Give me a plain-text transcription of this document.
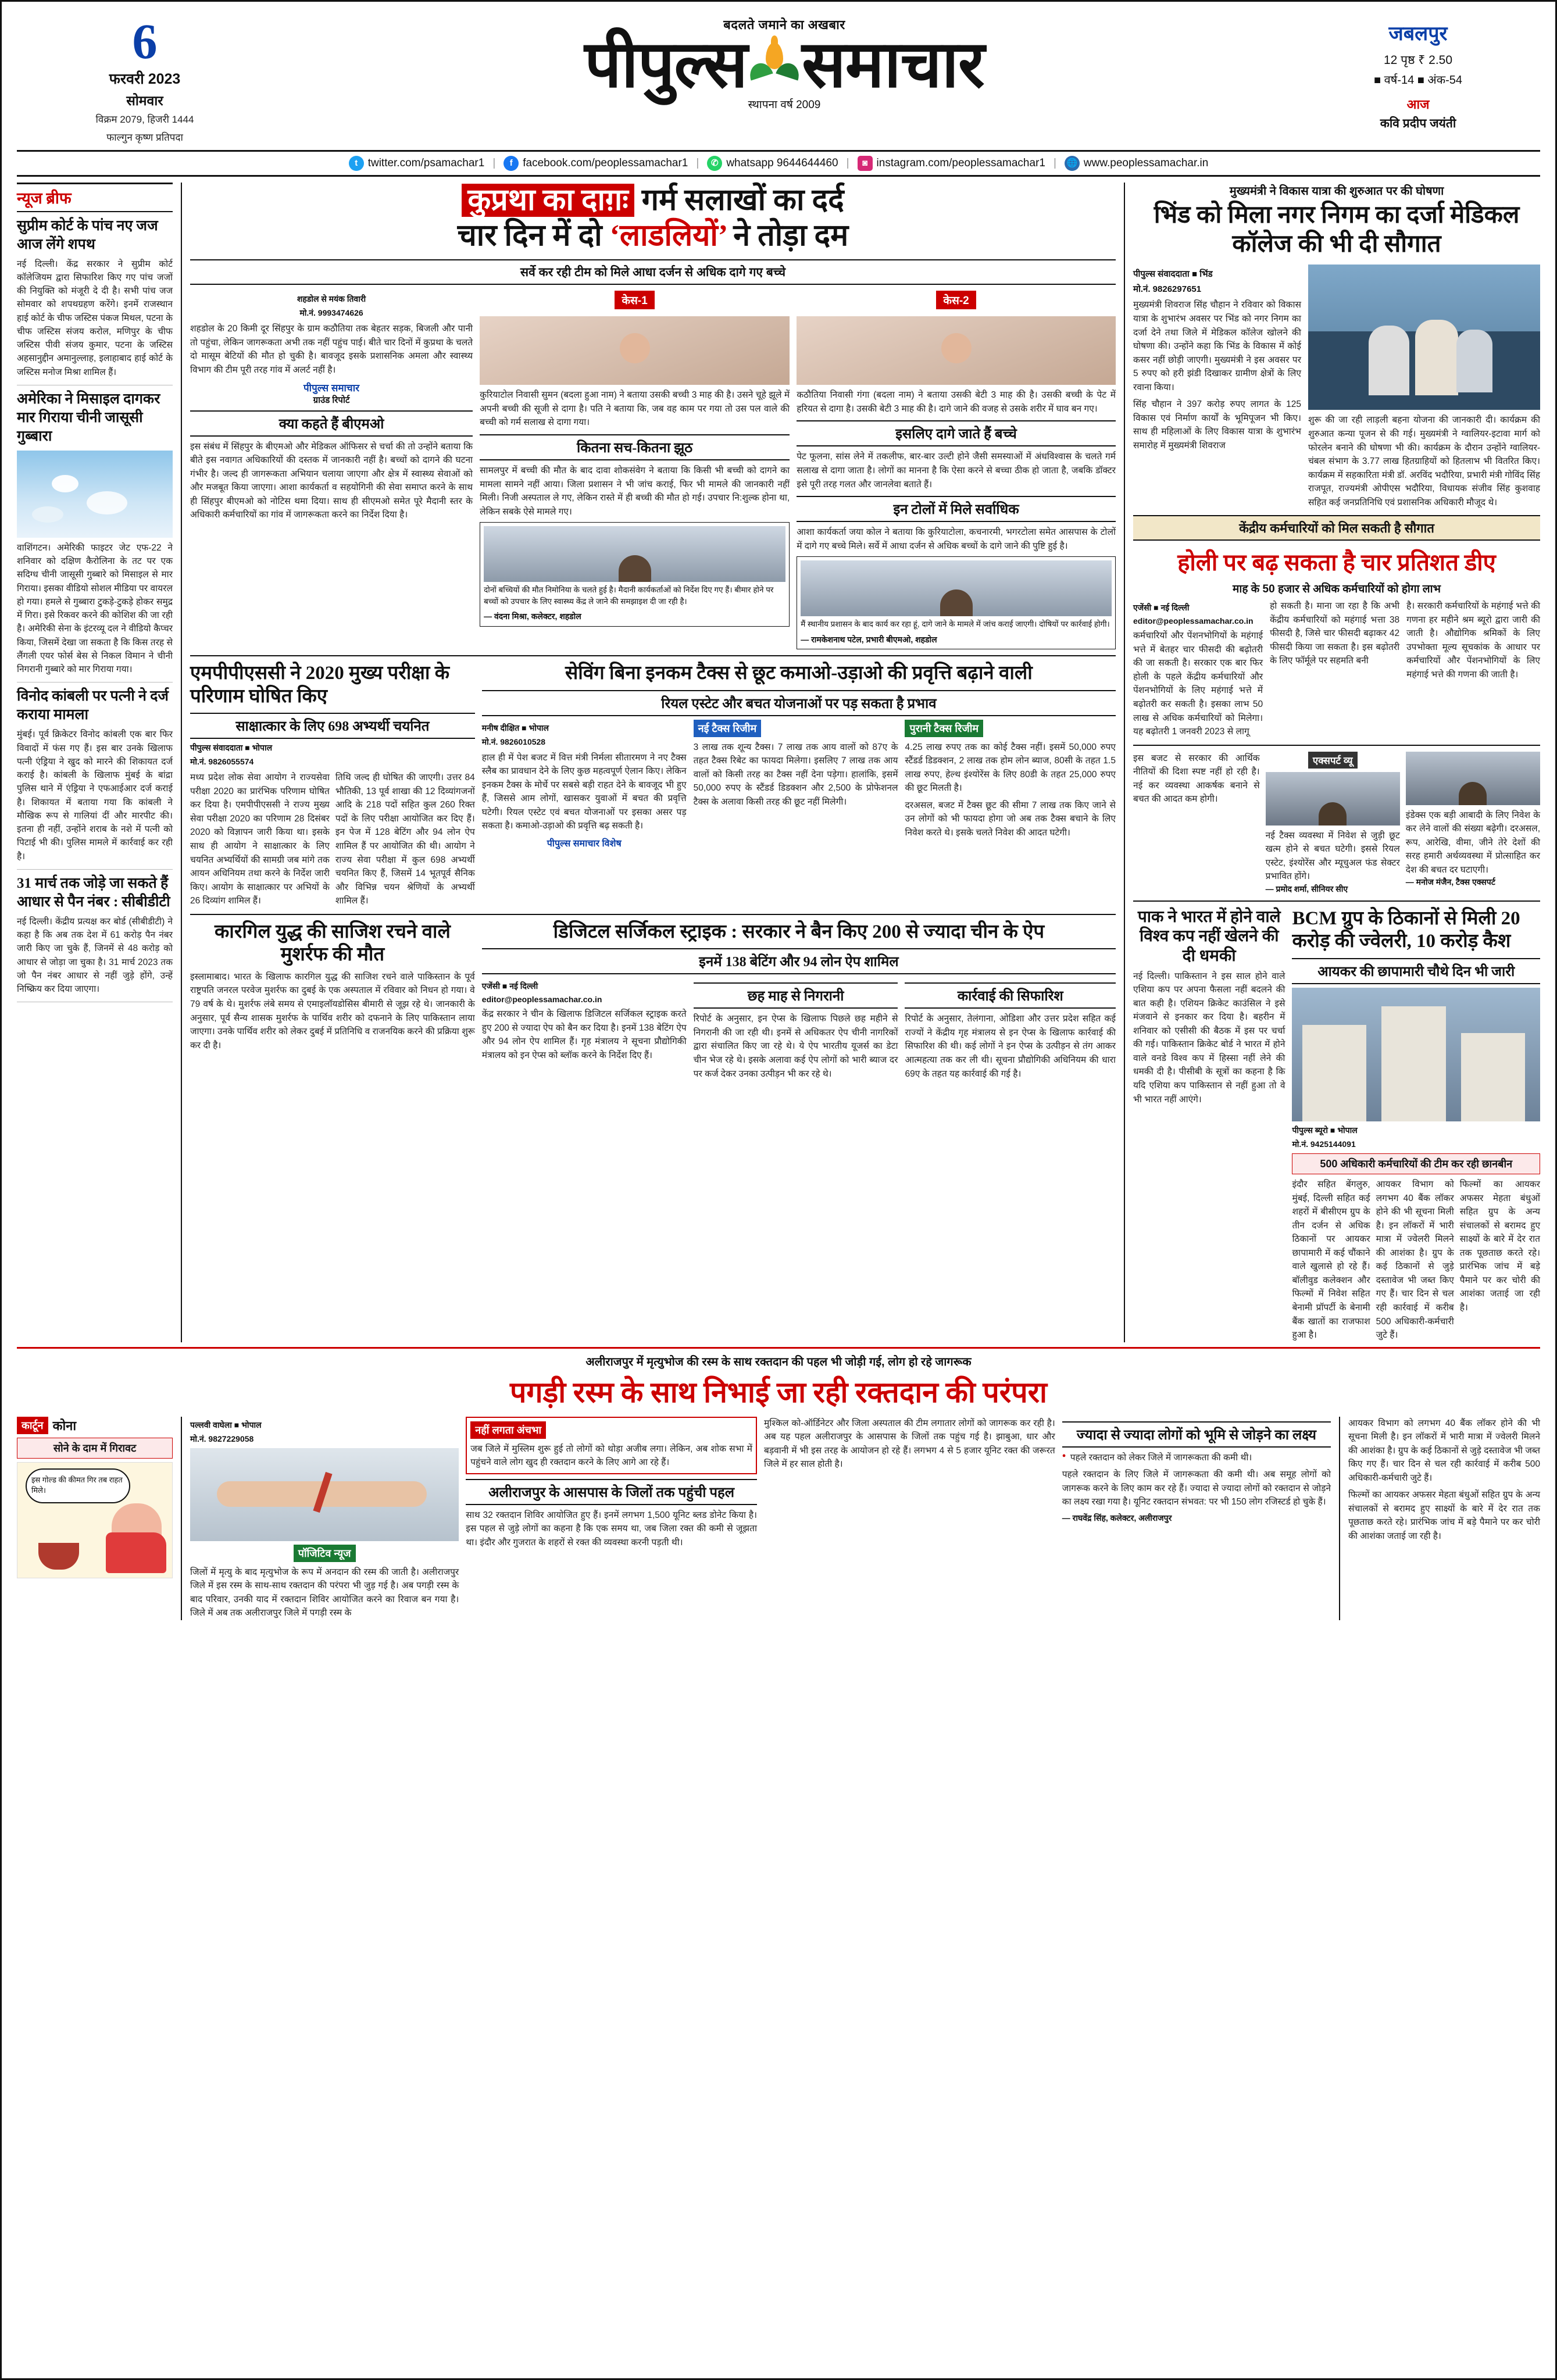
6
फरवरी 2023
सोमवार
विक्रम 2079, हिजरी 1444
फाल्गुन कृष्ण प्रतिपदा
बदलते जमाने का अखबार
पीपुल्स समाचार
स्थापना वर्ष 2009
जबलपुर
12 पृष्ठ ₹ 2.50
■ वर्ष-14 ■ अंक-54
आज
कवि प्रदीप जयंती
t twitter.com/psamachar1 |	f facebook.com/peoplessamachar1 |	✆ whatsapp 9644644460 |	◙ instagram.com/peoplessamachar1 | 🌐 www.peoplessamachar.in
न्यूज ब्रीफ
सुप्रीम कोर्ट के पांच नए जज आज लेंगे शपथ
नई दिल्ली। केंद्र सरकार ने सुप्रीम कोर्ट कॉलेजियम द्वारा सिफारिश किए गए पांच जजों की नियुक्ति को मंजूरी दे दी है। सभी पांच जज सोमवार को शपथग्रहण करेंगे। इनमें राजस्थान हाई कोर्ट के चीफ जस्टिस पंकज मिथल, पटना के चीफ जस्टिस संजय करोल, मणिपुर के चीफ जस्टिस पीवी संजय कुमार, पटना के जस्टिस अहसानुद्दीन अमानुल्लाह, इलाहाबाद हाई कोर्ट के जस्टिस मनोज मिश्रा शामिल हैं।
अमेरिका ने मिसाइल दागकर मार गिराया चीनी जासूसी गुब्बारा
वाशिंगटन। अमेरिकी फाइटर जेट एफ-22 ने शनिवार को दक्षिण कैरोलिना के तट पर एक सदिग्ध चीनी जासूसी गुब्बारे को मिसाइल से मार गिराया। इसका वीडियो सोशल मीडिया पर वायरल हो गया। हमले से गुब्बारा टुकड़े-टुकड़े होकर समुद्र में गिरा। इसे रिकवर करने की कोशिश की जा रही है। अमेरिकी सेना के इंटरव्यू दल ने वीडियो कैप्चर किया, जिसमें देखा जा सकता है कि किस तरह से लैंगली एयर फोर्स बेस से निकल विमान ने चीनी निगरानी गुब्बारे को मार गिराया गया।
विनोद कांबली पर पत्नी ने दर्ज कराया मामला
मुंबई। पूर्व क्रिकेटर विनोद कांबली एक बार फिर विवादों में फंस गए हैं। इस बार उनके खिलाफ पत्नी एंड्रिया ने खुद को मारने की शिकायत दर्ज कराई है। कांबली के खिलाफ मुंबई के बांद्रा पुलिस थाने में एंड्रिया ने एफआईआर दर्ज कराई है। शिकायत में बताया गया कि कांबली ने मौखिक रूप से गालियां दीं और मारपीट की। इतना ही नहीं, उन्होंने शराब के नशे में पत्नी को पिटाई भी की। पुलिस मामले में कार्रवाई कर रही है।
31 मार्च तक जोड़े जा सकते हैं आधार से पैन नंबर : सीबीडीटी
नई दिल्ली। केंद्रीय प्रत्यक्ष कर बोर्ड (सीबीडीटी) ने कहा है कि अब तक देश में 61 करोड़ पैन नंबर जारी किए जा चुके हैं, जिनमें से 48 करोड़ को आधार से जोड़ा जा चुका है। 31 मार्च 2023 तक जो पैन नंबर आधार से नहीं जुड़े होंगे, उन्हें निष्क्रिय कर दिया जाएगा।
कुप्रथा का दाग़ः गर्म सलाखों का दर्द
चार दिन में दो ‘लाडलियों’ ने तोड़ा दम
सर्वे कर रही टीम को मिले आधा दर्जन से अधिक दागे गए बच्चे
शहडोल से मयंक तिवारी
मो.नं. 9993474626
शहडोल के 20 किमी दूर सिंहपुर के ग्राम कठौतिया तक बेहतर सड़क, बिजली और पानी तो पहुंचा, लेकिन जागरूकता अभी तक नहीं पहुंच पाई। बीते चार दिनों में कुप्रथा के चलते दो मासूम बेटियों की मौत हो चुकी है। बावजूद इसके प्रशासनिक अमला और स्वास्थ्य विभाग की टीम पूरी तरह गांव में अलर्ट नहीं है।
पीपुल्स समाचार
ग्राउंड रिपोर्ट
क्या कहते हैं बीएमओ
इस संबंध में सिंहपुर के बीएमओ और मेडिकल ऑफिसर से चर्चा की तो उन्होंने बताया कि बीते इस नवागत अधिकारियों की दस्तक में जानकारी नहीं है। बच्चों को दागने की घटना गंभीर है। जल्द ही जागरूकता अभियान चलाया जाएगा और क्षेत्र में स्वास्थ्य सेवाओं को और मजबूत किया जाएगा। आशा कार्यकर्ता व सहयोगिनी की सेवा समाप्त करने के साथ ही सिंहपुर बीएमओ को नोटिस थमा दिया। साथ ही सीएमओ समेत पूरे मैदानी स्तर के अधिकारी कर्मचारियों का गांव में जागरूकता करने का निर्देश दिया है।
केस-1
कुरियाटोल निवासी सुमन (बदला हुआ नाम) ने बताया उसकी बच्ची 3 माह की है। उसने चूहे झूले में अपनी बच्ची की सूजी से दागा है। पति ने बताया कि, जब वह काम पर गया तो उस पल वाले की बच्ची को गर्म सलाख से दागा गया।
कितना सच-कितना झूठ
सामलपुर में बच्ची की मौत के बाद दावा शोकसंवेग ने बताया कि किसी भी बच्ची को दागने का मामला सामने नहीं आया। जिला प्रशासन ने भी जांच कराई, फिर भी मामले की जानकारी नहीं मिली। निजी अस्पताल ले गए, लेकिन रास्ते में ही बच्ची की मौत हो गई। उपचार नि:शुल्क होना था, लेकिन सबके ऐसे मामले गए।
दोनों बच्चियों की मौत निमोनिया के चलते हुई है। मैदानी कार्यकर्ताओं को निर्देश दिए गए हैं। बीमार होने पर बच्चों को उपचार के लिए स्वास्थ्य केंद्र ले जाने की समझाइश दी जा रही है।
— वंदना मिश्रा, कलेक्टर, शहडोल
केस-2
कठौतिया निवासी गंगा (बदला नाम) ने बताया उसकी बेटी 3 माह की है। उसकी बच्ची के पेट में हरियत से दागा है। उसकी बेटी 3 माह की है। दागे जाने की वजह से उसके शरीर में घाव बन गए।
इसलिए दागे जाते हैं बच्चे
पेट फूलना, सांस लेने में तकलीफ, बार-बार उल्टी होने जैसी समस्याओं में अंधविश्वास के चलते गर्म सलाख से दागा जाता है। लोगों का मानना है कि ऐसा करने से बच्चा ठीक हो जाता है, जबकि डॉक्टर इसे पूरी तरह गलत और जानलेवा बताते हैं।
इन टोलों में मिले सर्वाधिक
आशा कार्यकर्ता जया कोल ने बताया कि कुरियाटोला, कचनारमी, भगरटोला समेत आसपास के टोलों में दागे गए बच्चे मिले। सर्वे में आधा दर्जन से अधिक बच्चों के दागे जाने की पुष्टि हुई है।
मैं स्थानीय प्रशासन के बाद कार्य कर रहा हूं, दागे जाने के मामले में जांच कराई जाएगी। दोषियों पर कार्रवाई होगी।
— रामकेशनाथ पटेल, प्रभारी बीएमओ, शहडोल
एमपीपीएससी ने 2020 मुख्य परीक्षा के परिणाम घोषित किए
साक्षात्कार के लिए 698 अभ्यर्थी चयनित
पीपुल्स संवाददाता ■ भोपाल
मो.नं. 9826055574
मध्य प्रदेश लोक सेवा आयोग ने राज्यसेवा परीक्षा 2020 का प्रारंभिक परिणाम घोषित कर दिया है। एमपीपीएससी ने राज्य मुख्य सेवा परीक्षा 2020 का परिणाम 28 दिसंबर 2020 को विज्ञापन जारी किया था। इसके साथ ही आयोग ने साक्षात्कार के लिए चयनित अभ्यर्थियों की सामग्री जब मांगे तक आयन अधिनियम तथा करने के निर्देश जारी किए। आयोग के साक्षात्कार पर अभियों के 26 दिव्यांग शामिल हैं।
तिथि जल्द ही घोषित की जाएगी। उत्तर 84 भौतिकी, 13 पूर्व शाखा की 12 दिव्यांगजनों आदि के 218 पदों सहित कुल 260 रिक्त पदों के लिए परीक्षा आयोजित कर दिए हैं। इन पेज में 128 बेटिंग और 94 लोन ऐप शामिल हैं पर आयोजित की थी। आयोग ने राज्य सेवा परीक्षा में कुल 698 अभ्यर्थी चयनित किए हैं, जिसमें 14 भूतपूर्व सैनिक और विभिन्न चयन श्रेणियों के अभ्यर्थी शामिल हैं।
सेविंग बिना इनकम टैक्स से छूट कमाओ-उड़ाओ की प्रवृत्ति बढ़ाने वाली
रियल एस्टेट और बचत योजनाओं पर पड़ सकता है प्रभाव
मनीष दीक्षित ■ भोपाल
मो.नं. 9826010528
हाल ही में पेश बजट में वित्त मंत्री निर्मला सीतारमण ने नए टैक्स स्लैब का प्रावधान देने के लिए कुछ महत्वपूर्ण ऐलान किए। लेकिन इनकम टैक्स के मोर्चे पर सबसे बड़ी राहत देने के बावजूद भी हुए हैं, जिससे आम लोगों, खासकर युवाओं में बचत की प्रवृत्ति घटेगी। रियल एस्टेट एवं बचत योजनाओं पर इसका असर पड़ सकता है। कमाओ-उड़ाओ की प्रवृत्ति बढ़ सकती है।
पीपुल्स समाचार विशेष
नई टैक्स रिजीम
3 लाख तक शून्य टैक्स। 7 लाख तक आय वालों को 87ए के तहत टैक्स रिबेट का फायदा मिलेगा। इसलिए 7 लाख तक आय वालों को किसी तरह का टैक्स नहीं देना पड़ेगा। हालांकि, इसमें 50,000 रुपए के स्टैंडर्ड डिडक्शन और 2,500 के प्रोफेशनल टैक्स के अलावा किसी तरह की छूट नहीं मिलेगी।
पुरानी टैक्स रिजीम
4.25 लाख रुपए तक का कोई टैक्स नहीं। इसमें 50,000 रुपए स्टैंडर्ड डिडक्शन, 2 लाख तक होम लोन ब्याज, 80सी के तहत 1.5 लाख रुपए, हेल्थ इंश्योरेंस के लिए 80डी के तहत 25,000 रुपए की छूट मिलती है।
दरअसल, बजट में टैक्स छूट की सीमा 7 लाख तक किए जाने से उन लोगों को भी फायदा होगा जो अब तक टैक्स बचाने के लिए निवेश करते थे। इसके चलते निवेश की आदत घटेगी।
कारगिल युद्ध की साजिश रचने वाले मुशर्रफ की मौत
इस्लामाबाद। भारत के खिलाफ कारगिल युद्ध की साजिश रचने वाले पाकिस्तान के पूर्व राष्ट्रपति जनरल परवेज मुशर्रफ का दुबई के एक अस्पताल में रविवार को निधन हो गया। वे 79 वर्ष के थे। मुशर्रफ लंबे समय से एमाइलॉयडोसिस बीमारी से जूझ रहे थे। जानकारी के अनुसार, पूर्व सैन्य शासक मुशर्रफ के पार्थिव शरीर को दफनाने के लिए पाकिस्तान लाया जाएगा। उनके पार्थिव शरीर को लेकर दुबई में प्रतिनिधि व राजनयिक करने की प्रक्रिया शुरू कर दी है।
डिजिटल सर्जिकल स्ट्राइक : सरकार ने बैन किए 200 से ज्यादा चीन के ऐप
इनमें 138 बेटिंग और 94 लोन ऐप शामिल
एजेंसी ■ नई दिल्ली
editor@peoplessamachar.co.in
केंद्र सरकार ने चीन के खिलाफ डिजिटल सर्जिकल स्ट्राइक करते हुए 200 से ज्यादा ऐप को बैन कर दिया है। इनमें 138 बेटिंग ऐप और 94 लोन ऐप शामिल हैं। गृह मंत्रालय ने सूचना प्रौद्योगिकी मंत्रालय को इन ऐप्स को ब्लॉक करने के निर्देश दिए हैं।
छह माह से निगरानी
रिपोर्ट के अनुसार, इन ऐप्स के खिलाफ पिछले छह महीने से निगरानी की जा रही थी। इनमें से अधिकतर ऐप चीनी नागरिकों द्वारा संचालित किए जा रहे थे। ये ऐप भारतीय यूजर्स का डेटा चीन भेज रहे थे। इसके अलावा कई ऐप लोगों को भारी ब्याज दर पर कर्ज देकर उनका उत्पीड़न भी कर रहे थे।
कार्रवाई की सिफारिश
रिपोर्ट के अनुसार, तेलंगाना, ओडिशा और उत्तर प्रदेश सहित कई राज्यों ने केंद्रीय गृह मंत्रालय से इन ऐप्स के खिलाफ कार्रवाई की सिफारिश की थी। कई लोगों ने इन ऐप्स के उत्पीड़न से तंग आकर आत्महत्या तक कर ली थी। सूचना प्रौद्योगिकी अधिनियम की धारा 69ए के तहत यह कार्रवाई की गई है।
मुख्यमंत्री ने विकास यात्रा की शुरुआत पर की घोषणा
भिंड को मिला नगर निगम का दर्जा मेडिकल कॉलेज की भी दी सौगात
पीपुल्स संवाददाता ■ भिंड
मो.नं. 9826297651
मुख्यमंत्री शिवराज सिंह चौहान ने रविवार को विकास यात्रा के शुभारंभ अवसर पर भिंड को नगर निगम का दर्जा देने तथा जिले में मेडिकल कॉलेज खोलने की घोषणा की। उन्होंने कहा कि भिंड के विकास में कोई कसर नहीं छोड़ी जाएगी। मुख्यमंत्री ने इस अवसर पर 5 रुपए को हरी झंडी दिखाकर ग्रामीण क्षेत्रों के लिए रवाना किया।
सिंह चौहान ने 397 करोड़ रुपए लागत के 125 विकास एवं निर्माण कार्यों के भूमिपूजन भी किए। साथ ही महिलाओं के लिए विकास यात्रा के शुभारंभ समारोह में मुख्यमंत्री शिवराज
शुरू की जा रही लाड़ली बहना योजना की जानकारी दी। कार्यक्रम की शुरुआत कन्या पूजन से की गई। मुख्यमंत्री ने ग्वालियर-इटावा मार्ग को फोरलेन बनाने की घोषणा भी की। कार्यक्रम के दौरान उन्होंने ग्वालियर-चंबल संभाग के 3.77 लाख हितग्राहियों को हितलाभ भी वितरित किए। कार्यक्रम में सहकारिता मंत्री डॉ. अरविंद भदौरिया, प्रभारी मंत्री गोविंद सिंह राजपूत, राज्यमंत्री ओपीएस भदौरिया, विधायक संजीव सिंह कुशवाह सहित कई जनप्रतिनिधि एवं प्रशासनिक अधिकारी मौजूद थे।
केंद्रीय कर्मचारियों को मिल सकती है सौगात
होली पर बढ़ सकता है चार प्रतिशत डीए
माह के 50 हजार से अधिक कर्मचारियों को होगा लाभ
एजेंसी ■ नई दिल्ली
editor@peoplessamachar.co.in
कर्मचारियों और पेंशनभोगियों के महंगाई भत्ते में बेतहर चार फीसदी की बढ़ोतरी की जा सकती है। सरकार एक बार फिर होली के पहले केंद्रीय कर्मचारियों और पेंशनभोगियों के लिए महंगाई भत्ते में बढ़ोतरी कर सकती है। इसका लाभ 50 लाख से अधिक कर्मचारियों को मिलेगा। यह बढ़ोतरी 1 जनवरी 2023 से लागू
हो सकती है। माना जा रहा है कि अभी केंद्रीय कर्मचारियों को महंगाई भत्ता 38 फीसदी है, जिसे चार फीसदी बढ़ाकर 42 फीसदी किया जा सकता है। इस बढ़ोतरी के लिए फॉर्मूले पर सहमति बनी
है। सरकारी कर्मचारियों के महंगाई भत्ते की गणना हर महीने श्रम ब्यूरो द्वारा जारी की जाती है। औद्योगिक श्रमिकों के लिए उपभोक्ता मूल्य सूचकांक के आधार पर कर्मचारियों और पेंशनभोगियों के लिए महंगाई भत्ते की गणना की जाती है।
इस बजट से सरकार की आर्थिक नीतियों की दिशा स्पष्ट नहीं हो रही है। नई कर व्यवस्था आकर्षक बनाने से बचत की आदत कम होगी।
एक्सपर्ट व्यू
नई टैक्स व्यवस्था में निवेश से जुड़ी छूट खत्म होने से बचत घटेगी। इससे रियल एस्टेट, इंश्योरेंस और म्यूचुअल फंड सेक्टर प्रभावित होंगे।
— प्रमोद शर्मा, सीनियर सीए
इंडेक्स एक बड़ी आबादी के लिए निवेश के कर लेने वालों की संख्या बढ़ेगी। दरअसल, रूप, आरेखि, वीमा, जीने तेरे देशों की सरह हमारी अर्थव्यवस्था में प्रोत्साहित कर देश की बचत दर घटाएगी।
— मनोज मंजैन, टैक्स एक्सपर्ट
पाक ने भारत में होने वाले विश्व कप नहीं खेलने की दी धमकी
नई दिल्ली। पाकिस्तान ने इस साल होने वाले एशिया कप पर अपना फैसला नहीं बदलने की बात कही है। एशियन क्रिकेट काउंसिल ने इसे मंजवाने से इनकार कर दिया है। बहरीन में शनिवार को एसीसी की बैठक में इस पर चर्चा की गई। पाकिस्तान क्रिकेट बोर्ड ने भारत में होने वाले वनडे विश्व कप में हिस्सा नहीं लेने की धमकी दी है। पीसीबी के सूत्रों का कहना है कि यदि एशिया कप पाकिस्तान से नहीं हुआ तो वे भी भारत नहीं आएंगे।
BCM ग्रुप के ठिकानों से मिली 20 करोड़ की ज्वेलरी, 10 करोड़ कैश
आयकर की छापामारी चौथे दिन भी जारी
पीपुल्स ब्यूरो ■ भोपाल
मो.नं. 9425144091
500 अधिकारी कर्मचारियों की टीम कर रही छानबीन
इंदौर सहित बेंगलुरु, मुंबई, दिल्ली सहित कई शहरों में बीसीएम ग्रुप के तीन दर्जन से अधिक ठिकानों पर आयकर छापामारी में कई चौंकाने वाले खुलासे हो रहे हैं। बॉलीवुड कलेक्शन और फिल्मों में निवेश सहित बेनामी प्रॉपर्टी के बेनामी बैंक खातों का राजफाश हुआ है।
आयकर विभाग को लगभग 40 बैंक लॉकर होने की भी सूचना मिली है। इन लॉकरों में भारी मात्रा में ज्वेलरी मिलने की आशंका है। ग्रुप के कई ठिकानों से जुड़े दस्तावेज भी जब्त किए गए हैं। चार दिन से चल रही कार्रवाई में करीब 500 अधिकारी-कर्मचारी जुटे हैं।
फिल्मों का आयकर अफसर मेहता बंधुओं सहित ग्रुप के अन्य संचालकों से बरामद हुए साक्ष्यों के बारे में देर रात तक पूछताछ करते रहे। प्रारंभिक जांच में बड़े पैमाने पर कर चोरी की आशंका जताई जा रही है।
अलीराजपुर में मृत्युभोज की रस्म के साथ रक्तदान की पहल भी जोड़ी गई, लोग हो रहे जागरूक
पगड़ी रस्म के साथ निभाई जा रही रक्तदान की परंपरा
कार्टून कोना
सोने के दाम में गिरावट
इस गोल्ड की कीमत गिर तब राहत मिले।
पल्लवी वाघेला ■ भोपाल
मो.नं. 9827229058
पॉजिटिव न्यूज
जिलों में मृत्यु के बाद मृत्युभोज के रूप में अनदान की रस्म की जाती है। अलीराजपुर जिले में इस रस्म के साथ-साथ रक्तदान की परंपरा भी जुड़ गई है। अब पगड़ी रस्म के बाद परिवार, उनकी याद में रक्तदान शिविर आयोजित करने का रिवाज बन गया है। जिले में अब तक अलीराजपुर जिले में पगड़ी रस्म के
नहीं लगता अंचभा
जब जिले में मुस्लिम शुरू हुई तो लोगों को थोड़ा अजीब लगा। लेकिन, अब शोक सभा में पहुंचने वाले लोग खुद ही रक्तदान करने के लिए आगे आ रहे हैं।
अलीराजपुर के आसपास के जिलों तक पहुंची पहल
साथ 32 रक्तदान शिविर आयोजित हुए हैं। इनमें लगभग 1,500 यूनिट ब्लड डोनेट किया है। इस पहल से जुड़े लोगों का कहना है कि एक समय था, जब जिला रक्त की कमी से जूझता था। इंदौर और गुजरात के शहरों से रक्त की व्यवस्था करनी पड़ती थी।
मुश्किल को-ऑर्डिनेटर और जिला अस्पताल की टीम लगातार लोगों को जागरूक कर रही है। अब यह पहल अलीराजपुर के आसपास के जिलों तक पहुंच गई है। झाबुआ, धार और बड़वानी में भी इस तरह के आयोजन हो रहे हैं। लगभग 4 से 5 हजार यूनिट रक्त की जरूरत जिले में हर साल होती है।
ज्यादा से ज्यादा लोगों को भूमि से जोड़ने का लक्ष्य
● पहले रक्तदान को लेकर जिले में जागरूकता की कमी थी।
पहले रक्तदान के लिए जिले में जागरूकता की कमी थी। अब समूह लोगों को जागरूक करने के लिए काम कर रहे हैं। ज्यादा से ज्यादा लोगों को रक्तदान से जोड़ने का लक्ष्य रखा गया है। यूनिट रक्तदान संभवत: पर भी 150 लोग रजिस्टर्ड हो चुके हैं।
— राघवेंद्र सिंह, कलेक्टर, अलीराजपुर
आयकर विभाग को लगभग 40 बैंक लॉकर होने की भी सूचना मिली है। इन लॉकरों में भारी मात्रा में ज्वेलरी मिलने की आशंका है। ग्रुप के कई ठिकानों से जुड़े दस्तावेज भी जब्त किए गए हैं। चार दिन से चल रही कार्रवाई में करीब 500 अधिकारी-कर्मचारी जुटे हैं।
फिल्मों का आयकर अफसर मेहता बंधुओं सहित ग्रुप के अन्य संचालकों से बरामद हुए साक्ष्यों के बारे में देर रात तक पूछताछ करते रहे। प्रारंभिक जांच में बड़े पैमाने पर कर चोरी की आशंका जताई जा रही है।
